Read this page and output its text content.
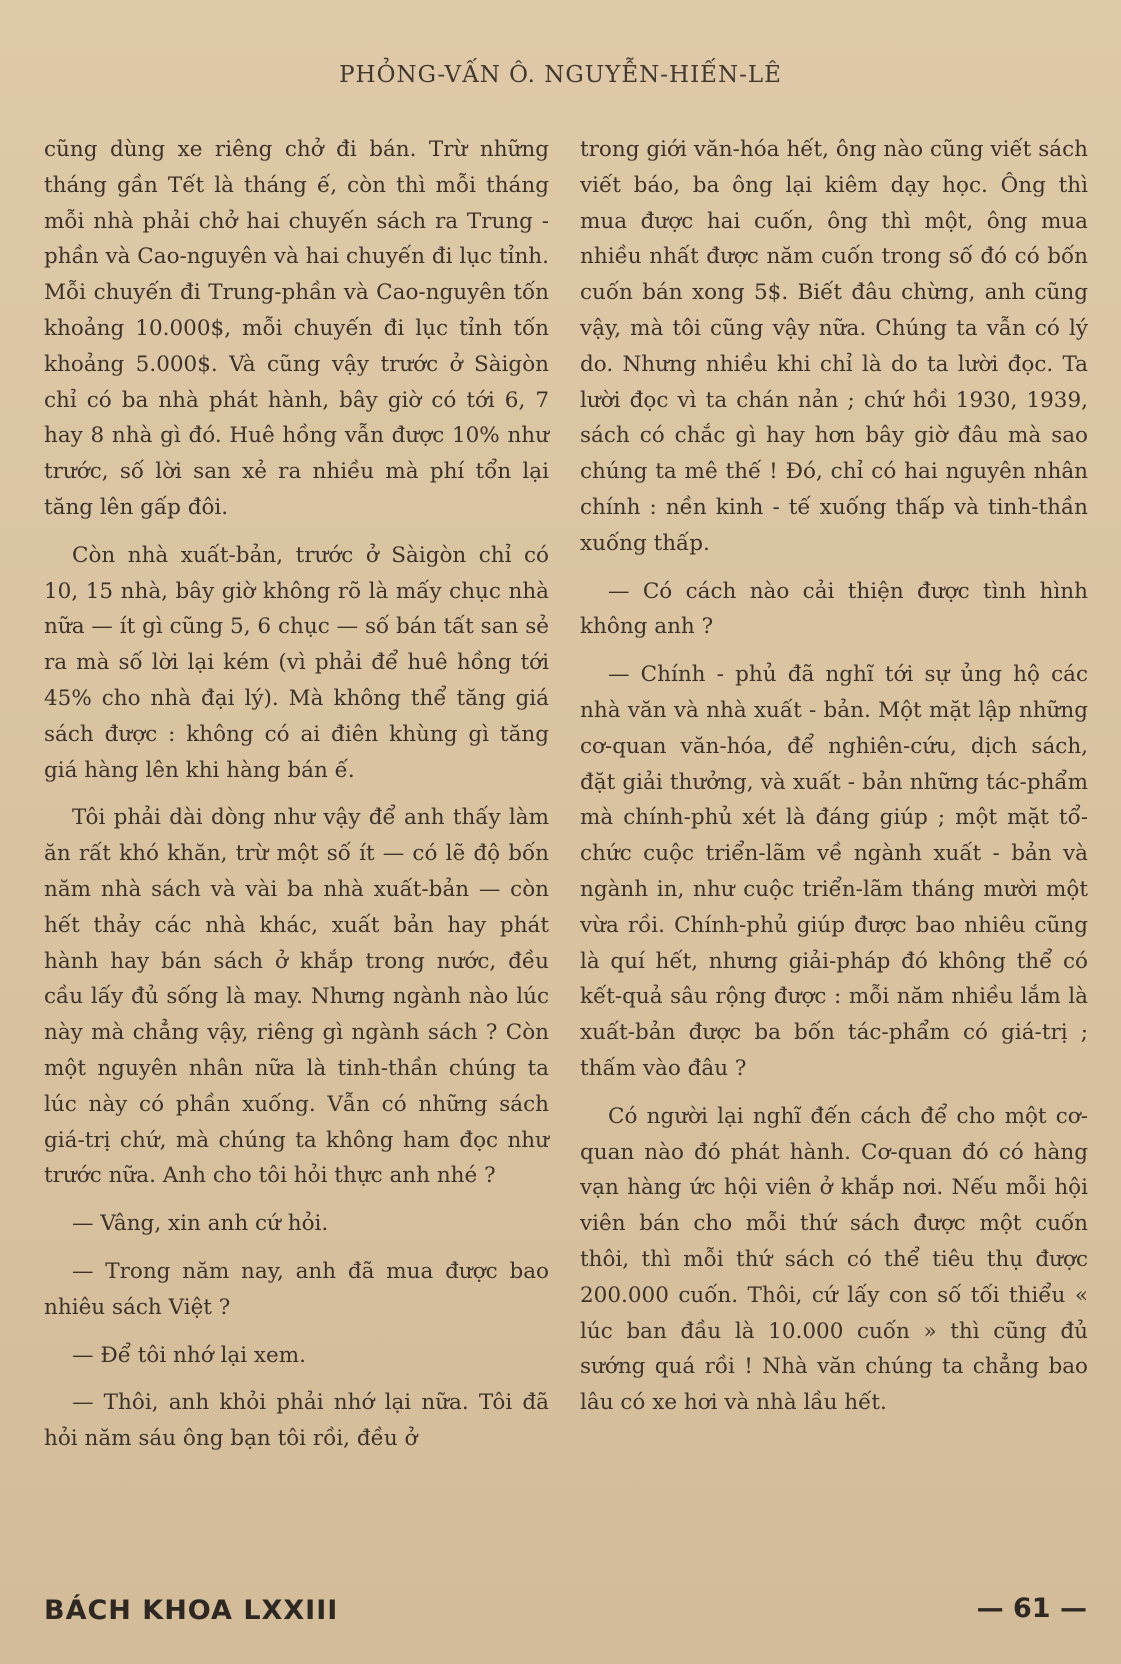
PHỎNG-VẤN Ô. NGUYỄN-HIẾN-LÊ

cũng dùng xe riêng chở đi bán. Trừ những tháng gần Tết là tháng ế, còn thì mỗi tháng mỗi nhà phải chở hai chuyến sách ra Trung - phần và Cao-nguyên và hai chuyến đi lục tỉnh. Mỗi chuyến đi Trung-phần và Cao-nguyên tốn khoảng 10.000$, mỗi chuyến đi lục tỉnh tốn khoảng 5.000$. Và cũng vậy trước ở Sàigòn chỉ có ba nhà phát hành, bây giờ có tới 6, 7 hay 8 nhà gì đó. Huê hồng vẫn được 10% như trước, số lời san xẻ ra nhiều mà phí tổn lại tăng lên gấp đôi.

Còn nhà xuất-bản, trước ở Sàigòn chỉ có 10, 15 nhà, bây giờ không rõ là mấy chục nhà nữa — ít gì cũng 5, 6 chục — số bán tất san sẻ ra mà số lời lại kém (vì phải để huê hồng tới 45% cho nhà đại lý). Mà không thể tăng giá sách được : không có ai điên khùng gì tăng giá hàng lên khi hàng bán ế.

Tôi phải dài dòng như vậy để anh thấy làm ăn rất khó khăn, trừ một số ít — có lẽ độ bốn năm nhà sách và vài ba nhà xuất-bản — còn hết thảy các nhà khác, xuất bản hay phát hành hay bán sách ở khắp trong nước, đều cầu lấy đủ sống là may. Nhưng ngành nào lúc này mà chẳng vậy, riêng gì ngành sách ? Còn một nguyên nhân nữa là tinh-thần chúng ta lúc này có phần xuống. Vẫn có những sách giá-trị chứ, mà chúng ta không ham đọc như trước nữa. Anh cho tôi hỏi thực anh nhé ?

— Vâng, xin anh cứ hỏi.

— Trong năm nay, anh đã mua được bao nhiêu sách Việt ?

— Để tôi nhớ lại xem.

— Thôi, anh khỏi phải nhớ lại nữa. Tôi đã hỏi năm sáu ông bạn tôi rồi, đều ở

trong giới văn-hóa hết, ông nào cũng viết sách viết báo, ba ông lại kiêm dạy học. Ông thì mua được hai cuốn, ông thì một, ông mua nhiều nhất được năm cuốn trong số đó có bốn cuốn bán xong 5$. Biết đâu chừng, anh cũng vậy, mà tôi cũng vậy nữa. Chúng ta vẫn có lý do. Nhưng nhiều khi chỉ là do ta lười đọc. Ta lười đọc vì ta chán nản ; chứ hồi 1930, 1939, sách có chắc gì hay hơn bây giờ đâu mà sao chúng ta mê thế ! Đó, chỉ có hai nguyên nhân chính : nền kinh - tế xuống thấp và tinh-thần xuống thấp.

— Có cách nào cải thiện được tình hình không anh ?

— Chính - phủ đã nghĩ tới sự ủng hộ các nhà văn và nhà xuất - bản. Một mặt lập những cơ-quan văn-hóa, để nghiên-cứu, dịch sách, đặt giải thưởng, và xuất - bản những tác-phẩm mà chính-phủ xét là đáng giúp ; một mặt tổ-chức cuộc triển-lãm về ngành xuất - bản và ngành in, như cuộc triển-lãm tháng mười một vừa rồi. Chính-phủ giúp được bao nhiêu cũng là quí hết, nhưng giải-pháp đó không thể có kết-quả sâu rộng được : mỗi năm nhiều lắm là xuất-bản được ba bốn tác-phẩm có giá-trị ; thấm vào đâu ?

Có người lại nghĩ đến cách để cho một cơ-quan nào đó phát hành. Cơ-quan đó có hàng vạn hàng ức hội viên ở khắp nơi. Nếu mỗi hội viên bán cho mỗi thứ sách được một cuốn thôi, thì mỗi thứ sách có thể tiêu thụ được 200.000 cuốn. Thôi, cứ lấy con số tối thiểu « lúc ban đầu là 10.000 cuốn » thì cũng đủ sướng quá rồi ! Nhà văn chúng ta chẳng bao lâu có xe hơi và nhà lầu hết.

BÁCH KHOA LXXIII	— 61 —
